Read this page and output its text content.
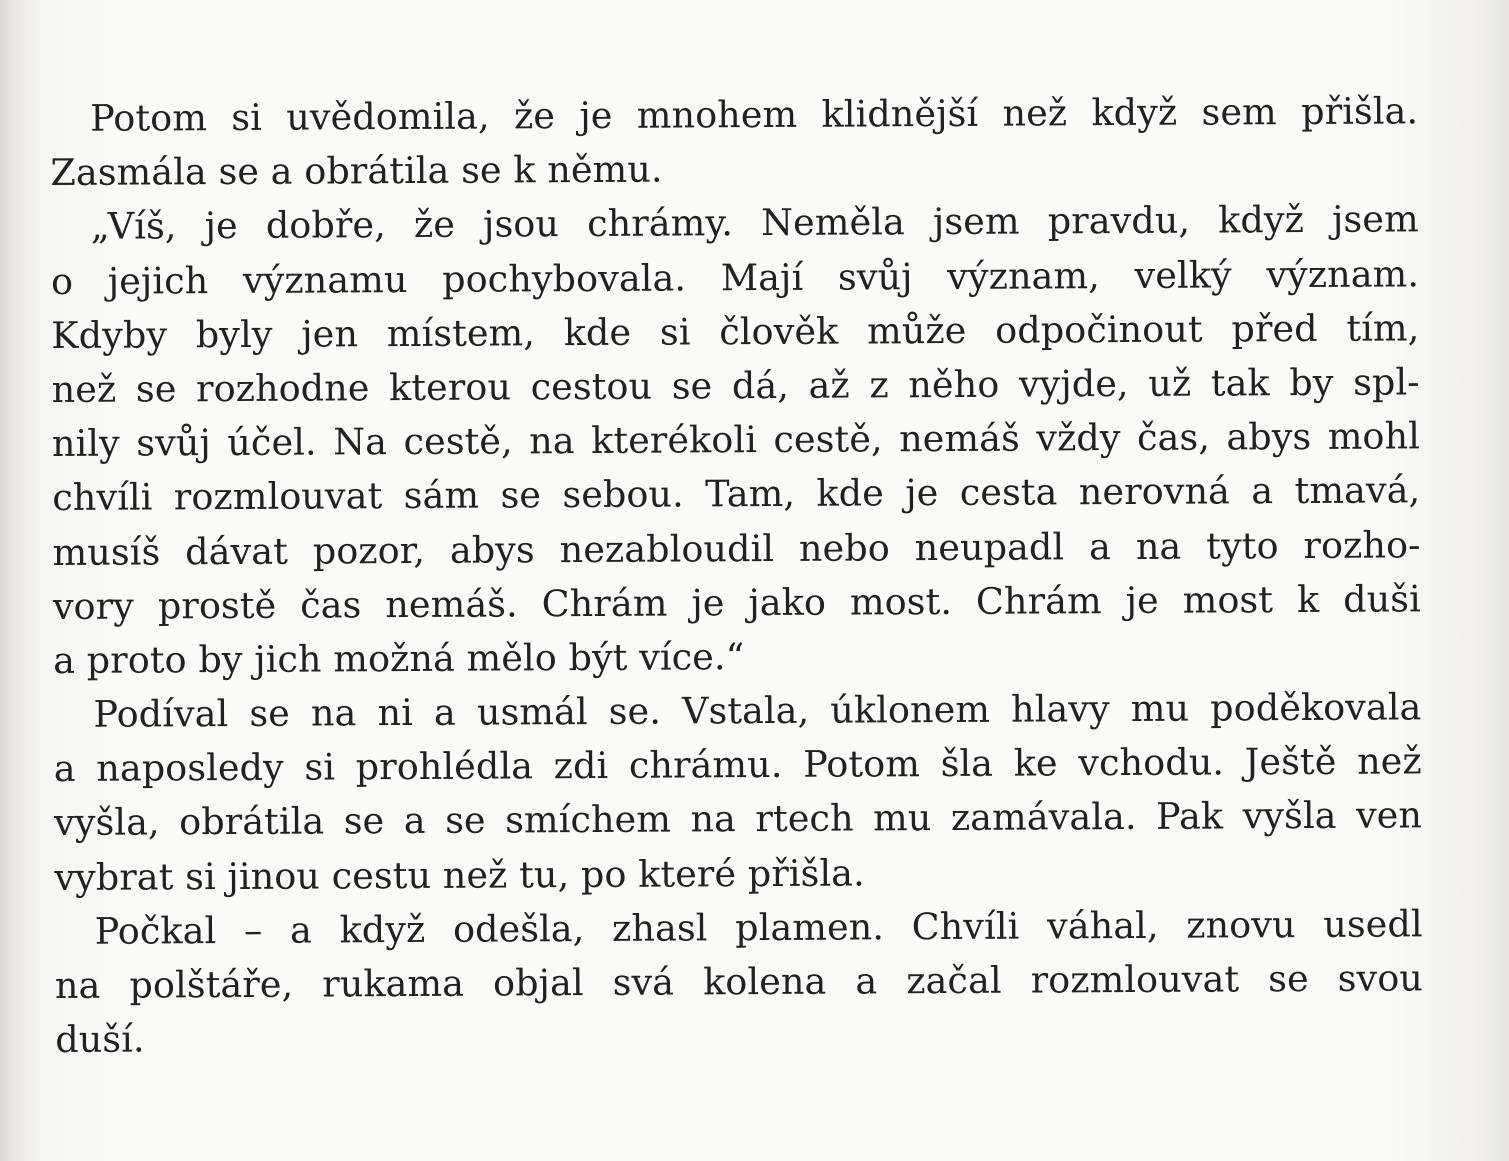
Potom si uvědomila, že je mnohem klidnější než když sem přišla.
Zasmála se a obrátila se k němu.
„Víš, je dobře, že jsou chrámy. Neměla jsem pravdu, když jsem
o jejich významu pochybovala. Mají svůj význam, velký význam.
Kdyby byly jen místem, kde si člověk může odpočinout před tím,
než se rozhodne kterou cestou se dá, až z něho vyjde, už tak by spl-
nily svůj účel. Na cestě, na kterékoli cestě, nemáš vždy čas, abys mohl
chvíli rozmlouvat sám se sebou. Tam, kde je cesta nerovná a tmavá,
musíš dávat pozor, abys nezabloudil nebo neupadl a na tyto rozho-
vory prostě čas nemáš. Chrám je jako most. Chrám je most k duši
a proto by jich možná mělo být více.“
Podíval se na ni a usmál se. Vstala, úklonem hlavy mu poděkovala
a naposledy si prohlédla zdi chrámu. Potom šla ke vchodu. Ještě než
vyšla, obrátila se a se smíchem na rtech mu zamávala. Pak vyšla ven
vybrat si jinou cestu než tu, po které přišla.
Počkal – a když odešla, zhasl plamen. Chvíli váhal, znovu usedl
na polštáře, rukama objal svá kolena a začal rozmlouvat se svou
duší.
